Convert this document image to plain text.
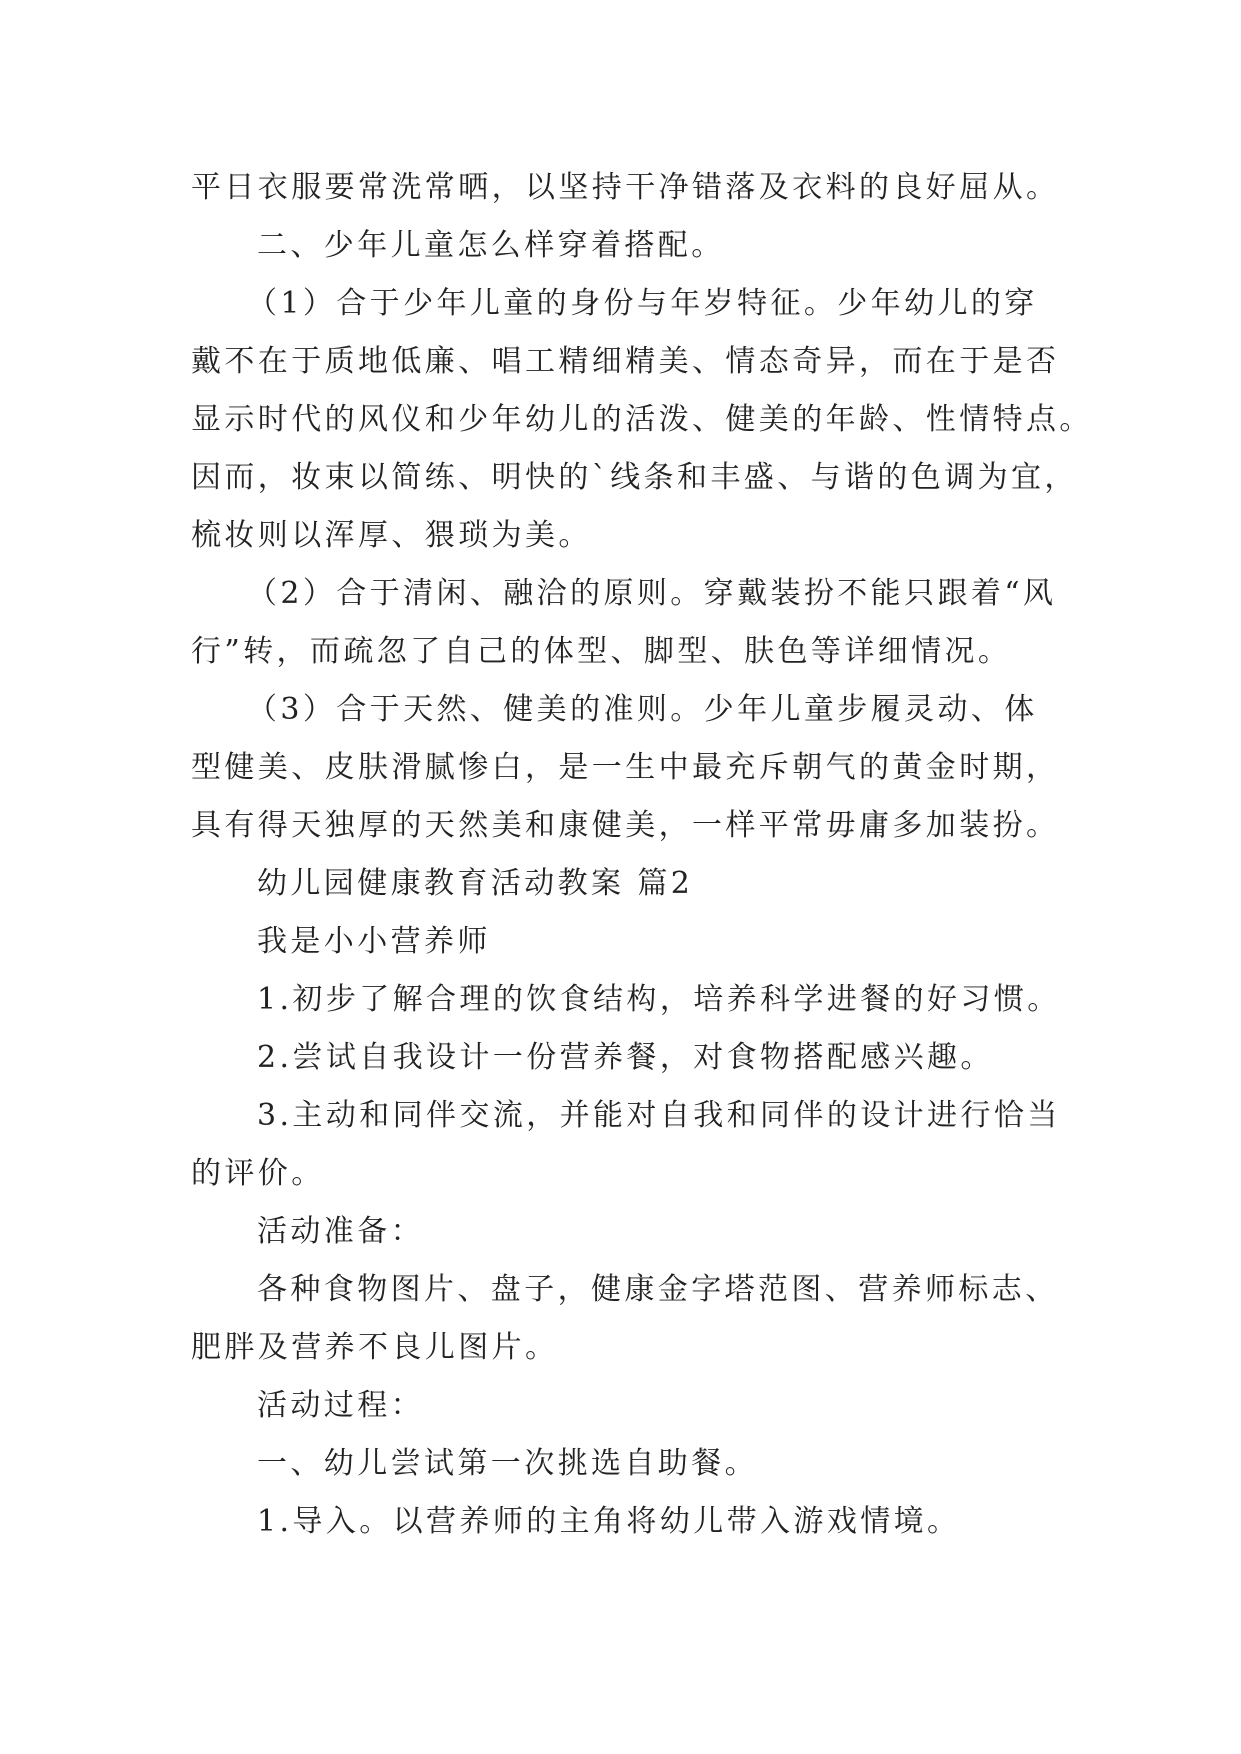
平日衣服要常洗常晒，以坚持干净错落及衣料的良好屈从。
二、少年儿童怎么样穿着搭配。
（1）合于少年儿童的身份与年岁特征。少年幼儿的穿
戴不在于质地低廉、唱工精细精美、情态奇异，而在于是否
显示时代的风仪和少年幼儿的活泼、健美的年龄、性情特点。
因而，妆束以简练、明快的`线条和丰盛、与谐的色调为宜，
梳妆则以浑厚、猥琐为美。
（2）合于清闲、融洽的原则。穿戴装扮不能只跟着“风
行”转，而疏忽了自己的体型、脚型、肤色等详细情况。
（3）合于天然、健美的准则。少年儿童步履灵动、体
型健美、皮肤滑腻惨白，是一生中最充斥朝气的黄金时期，
具有得天独厚的天然美和康健美，一样平常毋庸多加装扮。
幼儿园健康教育活动教案 篇2
我是小小营养师
1.初步了解合理的饮食结构，培养科学进餐的好习惯。
2.尝试自我设计一份营养餐，对食物搭配感兴趣。
3.主动和同伴交流，并能对自我和同伴的设计进行恰当
的评价。
活动准备：
各种食物图片、盘子，健康金字塔范图、营养师标志、
肥胖及营养不良儿图片。
活动过程：
一、幼儿尝试第一次挑选自助餐。
1.导入。以营养师的主角将幼儿带入游戏情境。
